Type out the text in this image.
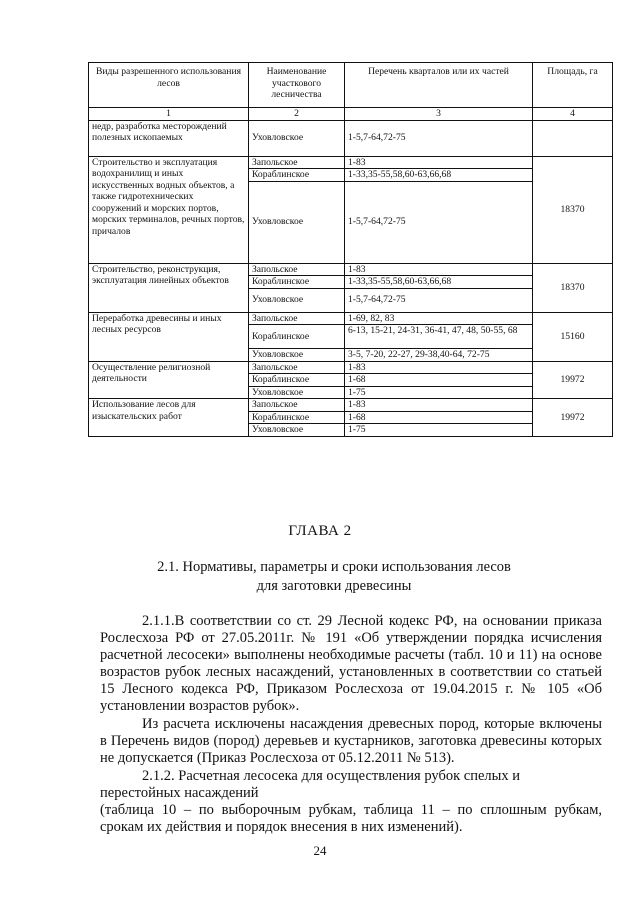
Виды разрешенного использования лесов	Наименование участкового лесничества	Перечень кварталов или их частей	Площадь, га
1	2	3	4
недр, разработка месторождений полезных ископаемых	Уховловское	1-5,7-64,72-75	
Строительство и эксплуатация водохранилищ и иных искусственных водных объектов, а также гидротехнических сооружений и морских портов, морских терминалов, речных портов, причалов	Запольское	1-83	18370
	Кораблинское	1-33,35-55,58,60-63,66,68	
	Уховловское	1-5,7-64,72-75	
Строительство, реконструкция, эксплуатация линейных объектов	Запольское	1-83	18370
	Кораблинское	1-33,35-55,58,60-63,66,68	
	Уховловское	1-5,7-64,72-75	
Переработка древесины и иных лесных ресурсов	Запольское	1-69, 82, 83	15160
	Кораблинское	6-13, 15-21, 24-31, 36-41, 47, 48, 50-55, 68	
	Уховловское	3-5, 7-20, 22-27, 29-38,40-64, 72-75	
Осуществление религиозной деятельности	Запольское	1-83	19972
	Кораблинское	1-68	
	Уховловское	1-75	
Использование лесов для изыскательских работ	Запольское	1-83	19972
	Кораблинское	1-68	
	Уховловское	1-75	
ГЛАВА 2
2.1. Нормативы, параметры и сроки использования лесов
для заготовки древесины

2.1.1.В соответствии со ст. 29 Лесной кодекс РФ, на основании приказа Рослесхоза РФ от 27.05.2011г. № 191 «Об утверждении порядка исчисления расчетной лесосеки» выполнены необходимые расчеты (табл. 10 и 11) на основе возрастов рубок лесных насаждений, установленных в соответствии со статьей 15 Лесного кодекса РФ, Приказом Рослесхоза от 19.04.2015 г. № 105 «Об установлении возрастов рубок».

Из расчета исключены насаждения древесных пород, которые включены в Перечень видов (пород) деревьев и кустарников, заготовка древесины которых не допускается (Приказ Рослесхоза от 05.12.2011 № 513).

2.1.2. Расчетная лесосека для осуществления рубок спелых и
перестойных насаждений

(таблица 10 – по выборочным рубкам, таблица 11 – по сплошным рубкам, срокам их действия и порядок внесения в них изменений).

24
